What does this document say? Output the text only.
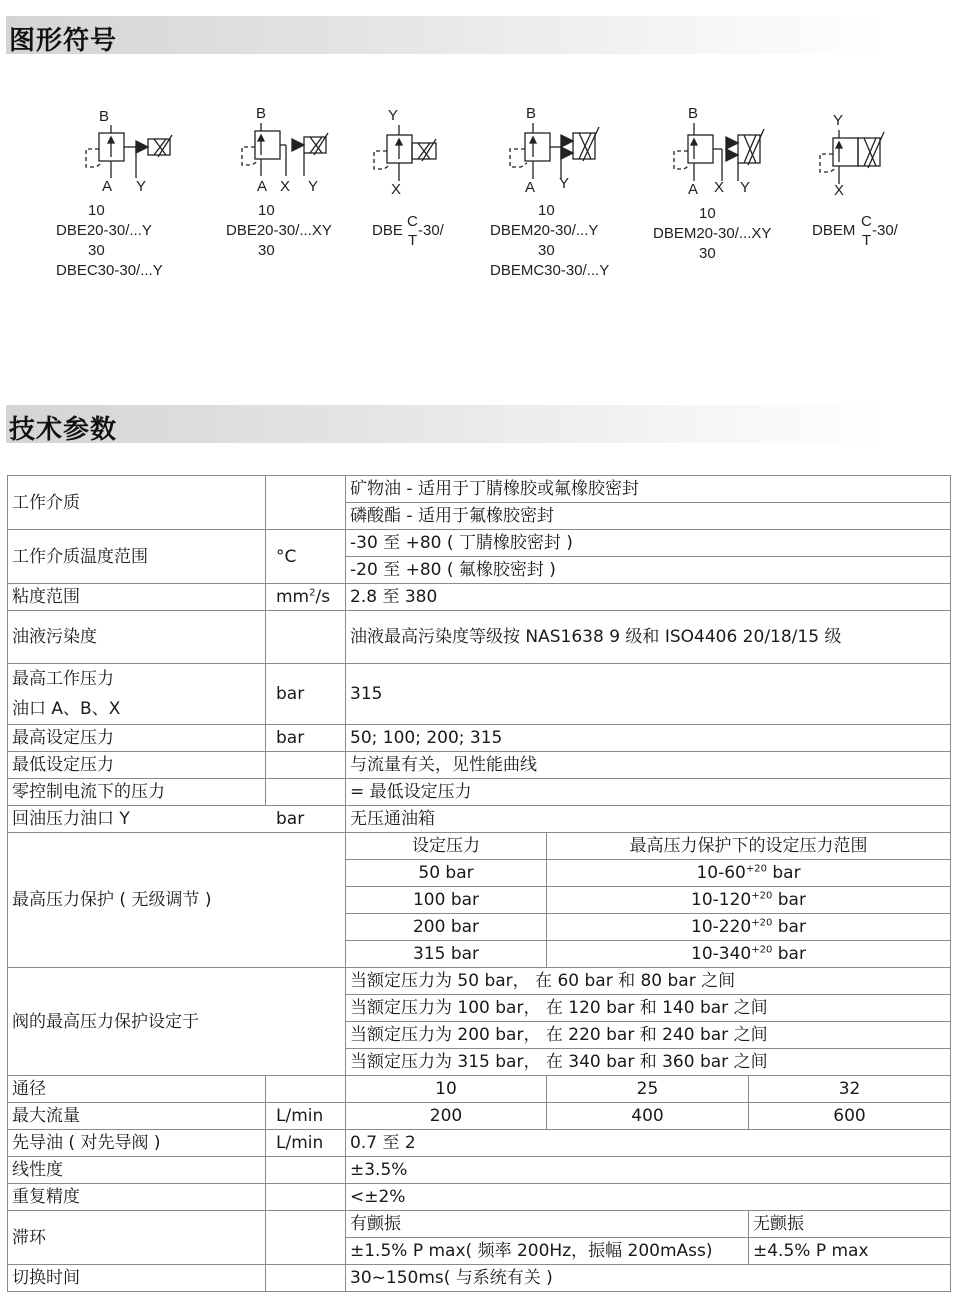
图形符号
B
A Y
10
DBE20-30/...Y
30
DBEC30-30/...Y
B
A X Y
10
DBE20-30/...XY
30
Y
X
DBE
C
T
-30/
B
A Y
10
DBEM20-30/...Y
30
DBEMC30-30/...Y
B
A X Y
10
DBEM20-30/...XY
30
Y
X
DBEM
C
T
-30/
技术参数
工作介质		矿物油 - 适用于丁腈橡胶或氟橡胶密封		
		磷酸酯 - 适用于氟橡胶密封		
工作介质温度范围	°C	-30 至 +80 ( 丁腈橡胶密封 )		
		-20 至 +80 ( 氟橡胶密封 )		
粘度范围	$mm^2/s$	2.8 至 380		
油液污染度		油液最高污染度等级按 NAS1638 9 级和 ISO4406 20/18/15 级		

最高工作压力
油口 A、B、X	bar	315		
最高设定压力	bar	50; 100; 200; 315		
最低设定压力		与流量有关，见性能曲线		
零控制电流下的压力		= 最低设定压力		
回油压力油口 Y bar		无压通油箱		
最高压力保护 ( 无级调节 )		设定压力	最高压力保护下的设定压力范围	
		50 bar	$10-60^{+20}$ bar	
		100 bar	$10-120^{+20}$ bar	
		200 bar	$10-220^{+20}$ bar	
		315 bar	$10-340^{+20}$ bar	
阀的最高压力保护设定于		当额定压力为 50 bar， 在 60 bar 和 80 bar 之间		
		当额定压力为 100 bar， 在 120 bar 和 140 bar 之间		
		当额定压力为 200 bar， 在 220 bar 和 240 bar 之间		
		当额定压力为 315 bar， 在 340 bar 和 360 bar 之间		
通径		10	25	32
最大流量	L/min	200	400	600
先导油 ( 对先导阀 )	L/min	0.7 至 2		
线性度		±3.5%		
重复精度		<±2%		
滞环		有颤振		无颤振
		±1.5% P max( 频率 200Hz，振幅 200mAss)		±4.5% P max
切换时间		30~150ms( 与系统有关 )		
